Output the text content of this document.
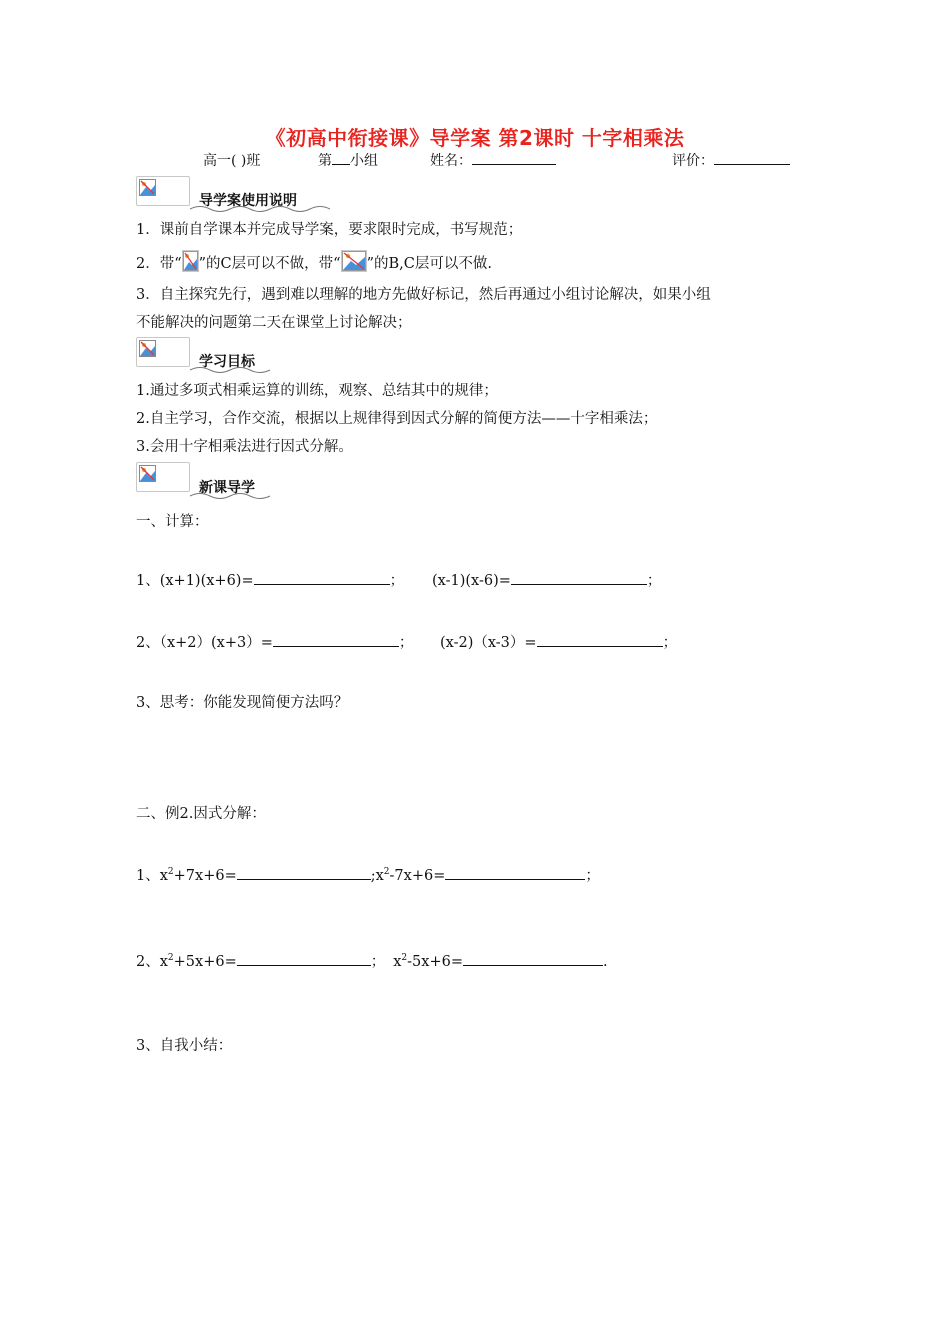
《初高中衔接课》导学案 第2课时 十字相乘法
高一( )班	第 小组	姓名：	评价：
导学案使用说明
1．课前自学课本并完成导学案，要求限时完成，书写规范；
2．带“ ”的C层可以不做，带“ ”的B,C层可以不做.
3．自主探究先行，遇到难以理解的地方先做好标记，然后再通过小组讨论解决，如果小组
不能解决的问题第二天在课堂上讨论解决；
学习目标
1.通过多项式相乘运算的训练，观察、总结其中的规律；
2.自主学习，合作交流，根据以上规律得到因式分解的简便方法——十字相乘法；
3.会用十字相乘法进行因式分解。
新课导学
一、计算：
1、(x+1)(x+6)=	； (x-1)(x-6)=	；
2、（x+2）(x+3）=	； (x-2)（x-3）=	；
3、思考：你能发现简便方法吗？
二、例2.因式分解：
1、$x^2+7x+6=$	$;x^2-7x+6=$	；
2、$x^2+5x+6=$	； $x^2-5x+6=$	.
3、自我小结：
